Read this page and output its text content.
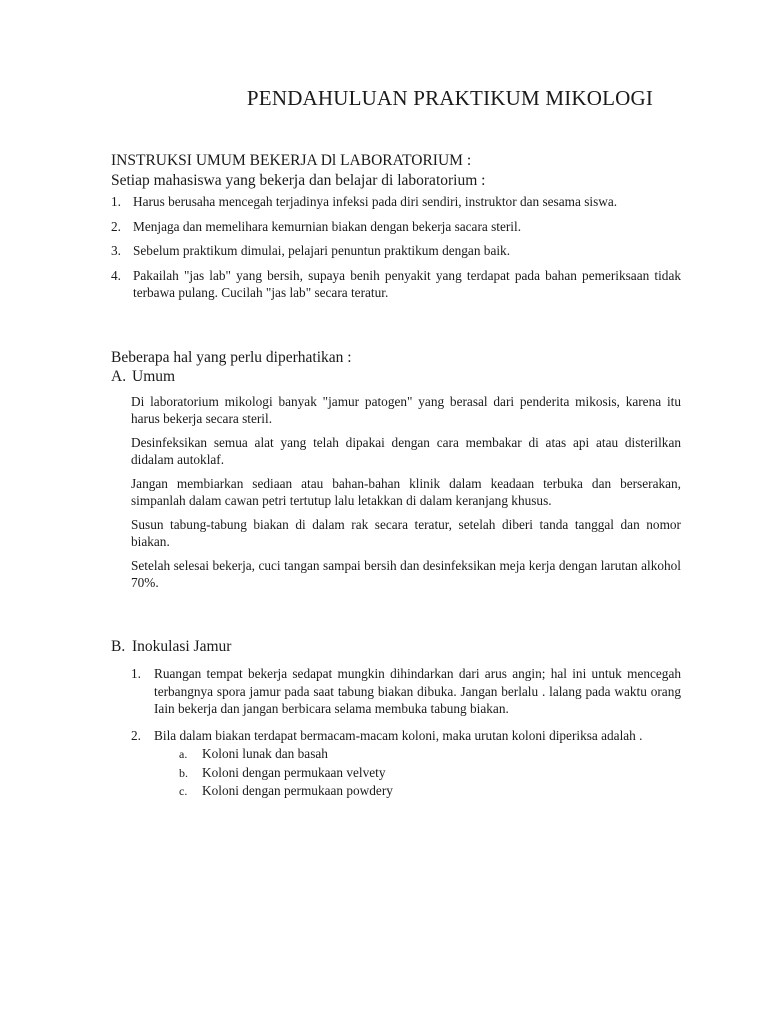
PENDAHULUAN PRAKTIKUM MIKOLOGI
INSTRUKSI UMUM BEKERJA Dl LABORATORIUM :
Setiap mahasiswa yang bekerja dan belajar di laboratorium :
1. Harus berusaha mencegah terjadinya infeksi pada diri sendiri, instruktor dan sesama siswa.
2. Menjaga dan memelihara kemurnian biakan dengan bekerja sacara steril.
3. Sebelum praktikum dimulai, pelajari penuntun praktikum dengan baik.
4. Pakailah "jas lab" yang bersih, supaya benih penyakit yang terdapat pada bahan pemeriksaan tidak terbawa pulang. Cucilah "jas lab" secara teratur.
Beberapa hal yang perlu diperhatikan :
A. Umum

Di laboratorium mikologi banyak "jamur patogen" yang berasal dari penderita mikosis, karena itu harus bekerja secara steril.

Desinfeksikan semua alat yang telah dipakai dengan cara membakar di atas api atau disterilkan didalam autoklaf.

Jangan membiarkan sediaan atau bahan-bahan klinik dalam keadaan terbuka dan berserakan, simpanlah dalam cawan petri tertutup lalu letakkan di dalam keranjang khusus.

Susun tabung-tabung biakan di dalam rak secara teratur, setelah diberi tanda tanggal dan nomor biakan.

Setelah selesai bekerja, cuci tangan sampai bersih dan desinfeksikan meja kerja dengan larutan alkohol 70%.

B. Inokulasi Jamur
1. Ruangan tempat bekerja sedapat mungkin dihindarkan dari arus angin; hal ini untuk mencegah terbangnya spora jamur pada saat tabung biakan dibuka. Jangan berlalu . lalang pada waktu orang Iain bekerja dan jangan berbicara selama membuka tabung biakan.
2. Bila dalam biakan terdapat bermacam-macam koloni, maka urutan koloni diperiksa adalah .
a. Koloni lunak dan basah
b. Koloni dengan permukaan velvety
c. Koloni dengan permukaan powdery
